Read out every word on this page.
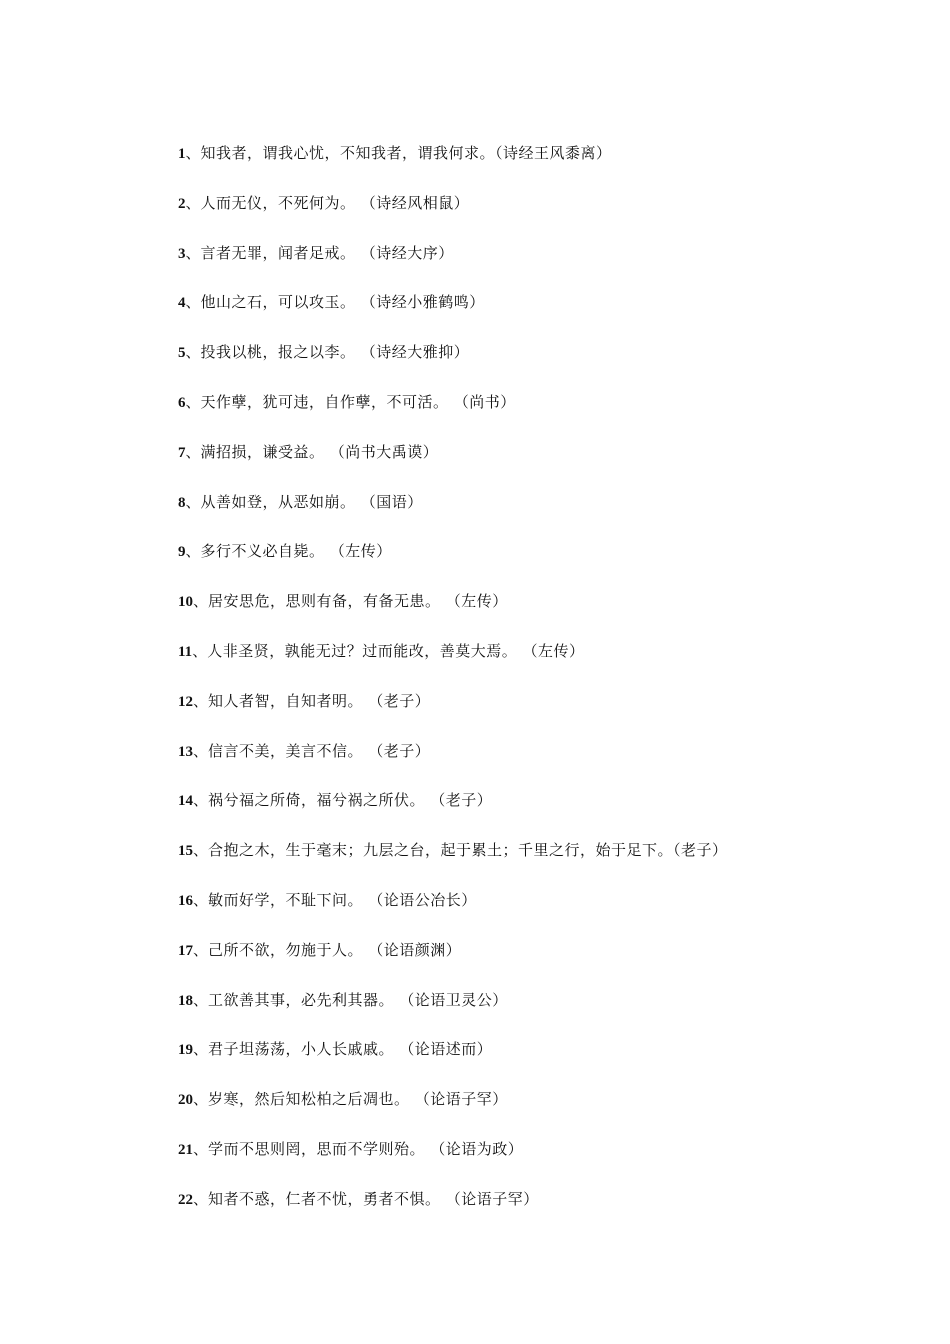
1、知我者，谓我心忧，不知我者，谓我何求。（诗经王风黍离）
2、人而无仪，不死何为。 （诗经风相鼠）
3、言者无罪，闻者足戒。 （诗经大序）
4、他山之石，可以攻玉。 （诗经小雅鹤鸣）
5、投我以桃，报之以李。 （诗经大雅抑）
6、天作孽，犹可违，自作孽，不可活。 （尚书）
7、满招损，谦受益。 （尚书大禹谟）
8、从善如登，从恶如崩。 （国语）
9、多行不义必自毙。 （左传）
10、居安思危，思则有备，有备无患。 （左传）
11、人非圣贤，孰能无过？过而能改，善莫大焉。 （左传）
12、知人者智，自知者明。 （老子）
13、信言不美，美言不信。 （老子）
14、祸兮福之所倚，福兮祸之所伏。 （老子）
15、合抱之木，生于毫末；九层之台，起于累土；千里之行，始于足下。（老子）
16、敏而好学，不耻下问。 （论语公冶长）
17、己所不欲，勿施于人。 （论语颜渊）
18、工欲善其事，必先利其器。 （论语卫灵公）
19、君子坦荡荡，小人长戚戚。 （论语述而）
20、岁寒，然后知松柏之后凋也。 （论语子罕）
21、学而不思则罔，思而不学则殆。 （论语为政）
22、知者不惑，仁者不忧，勇者不惧。 （论语子罕）
